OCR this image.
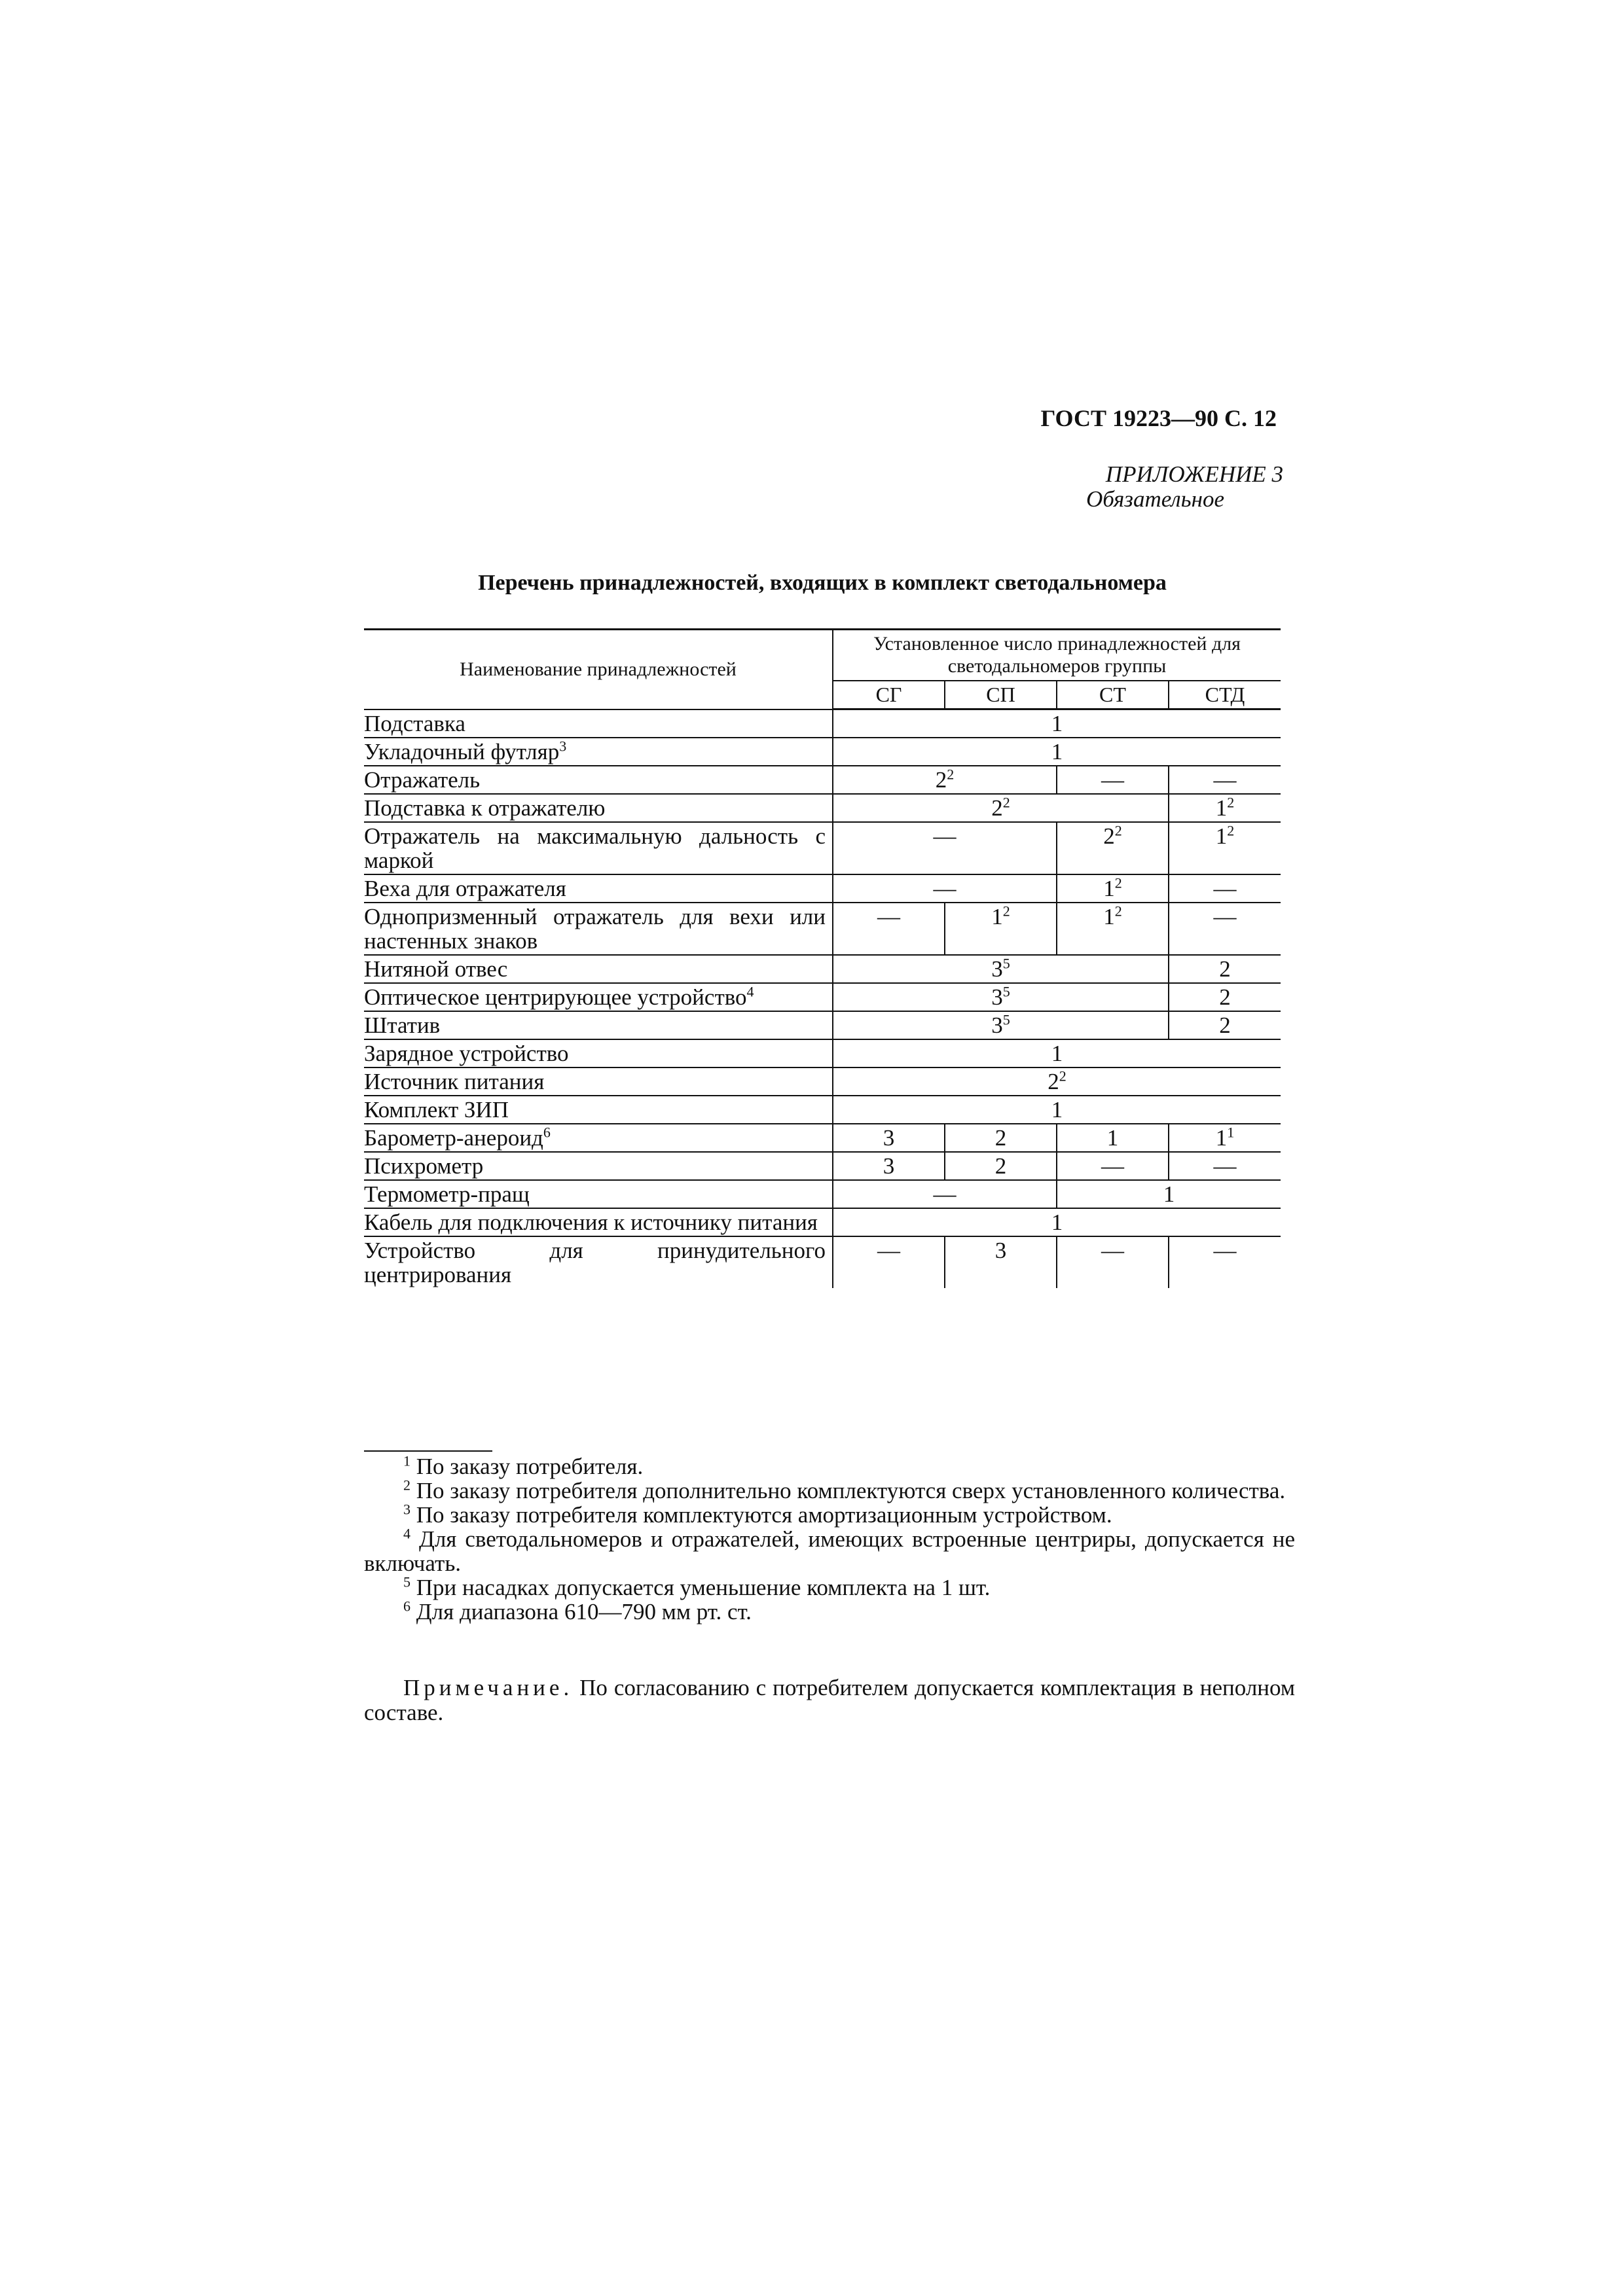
ГОСТ 19223—90 С. 12
ПРИЛОЖЕНИЕ 3
Обязательное
Перечень принадлежностей, входящих в комплект светодальномера
Наименование принадлежностей	Установленное число принадлежностей для светодальномеров группы			
	СГ	СП	СТ	СТД
Подставка	1			
Укладочный футляр$^3$	1			
Отражатель	$2^2$		—	—
Подставка к отражателю	$2^2$			$1^2$
Отражатель на максимальную дальность с маркой	—		$2^2$	$1^2$
Веха для отражателя	—		$1^2$	—
Однопризменный отражатель для вехи или настенных знаков	—	$1^2$	$1^2$	—
Нитяной отвес	$3^5$			2
Оптическое центрирующее устройство$^4$	$3^5$			2
Штатив	$3^5$			2
Зарядное устройство	1			
Источник питания	$2^2$
Комплект ЗИП	1			
Барометр-анероид$^6$	3	2	1	$1^1$
Психрометр	3	2	—	—
Термометр-пращ	—		1	
Кабель для подключения к источнику питания	1			
Устройство для принудительного центрирования	—	3	—	—

$^1$ По заказу потребителя.

$^2$ По заказу потребителя дополнительно комплектуются сверх установленного количества.

$^3$ По заказу потребителя комплектуются амортизационным устройством.

$^4$ Для светодальномеров и отражателей, имеющих встроенные центриры, допускается не включать.

$^5$ При насадках допускается уменьшение комплекта на 1 шт.

$^6$ Для диапазона 610—790 мм рт. ст.

Примечание. По согласованию с потребителем допускается комплектация в неполном составе.
